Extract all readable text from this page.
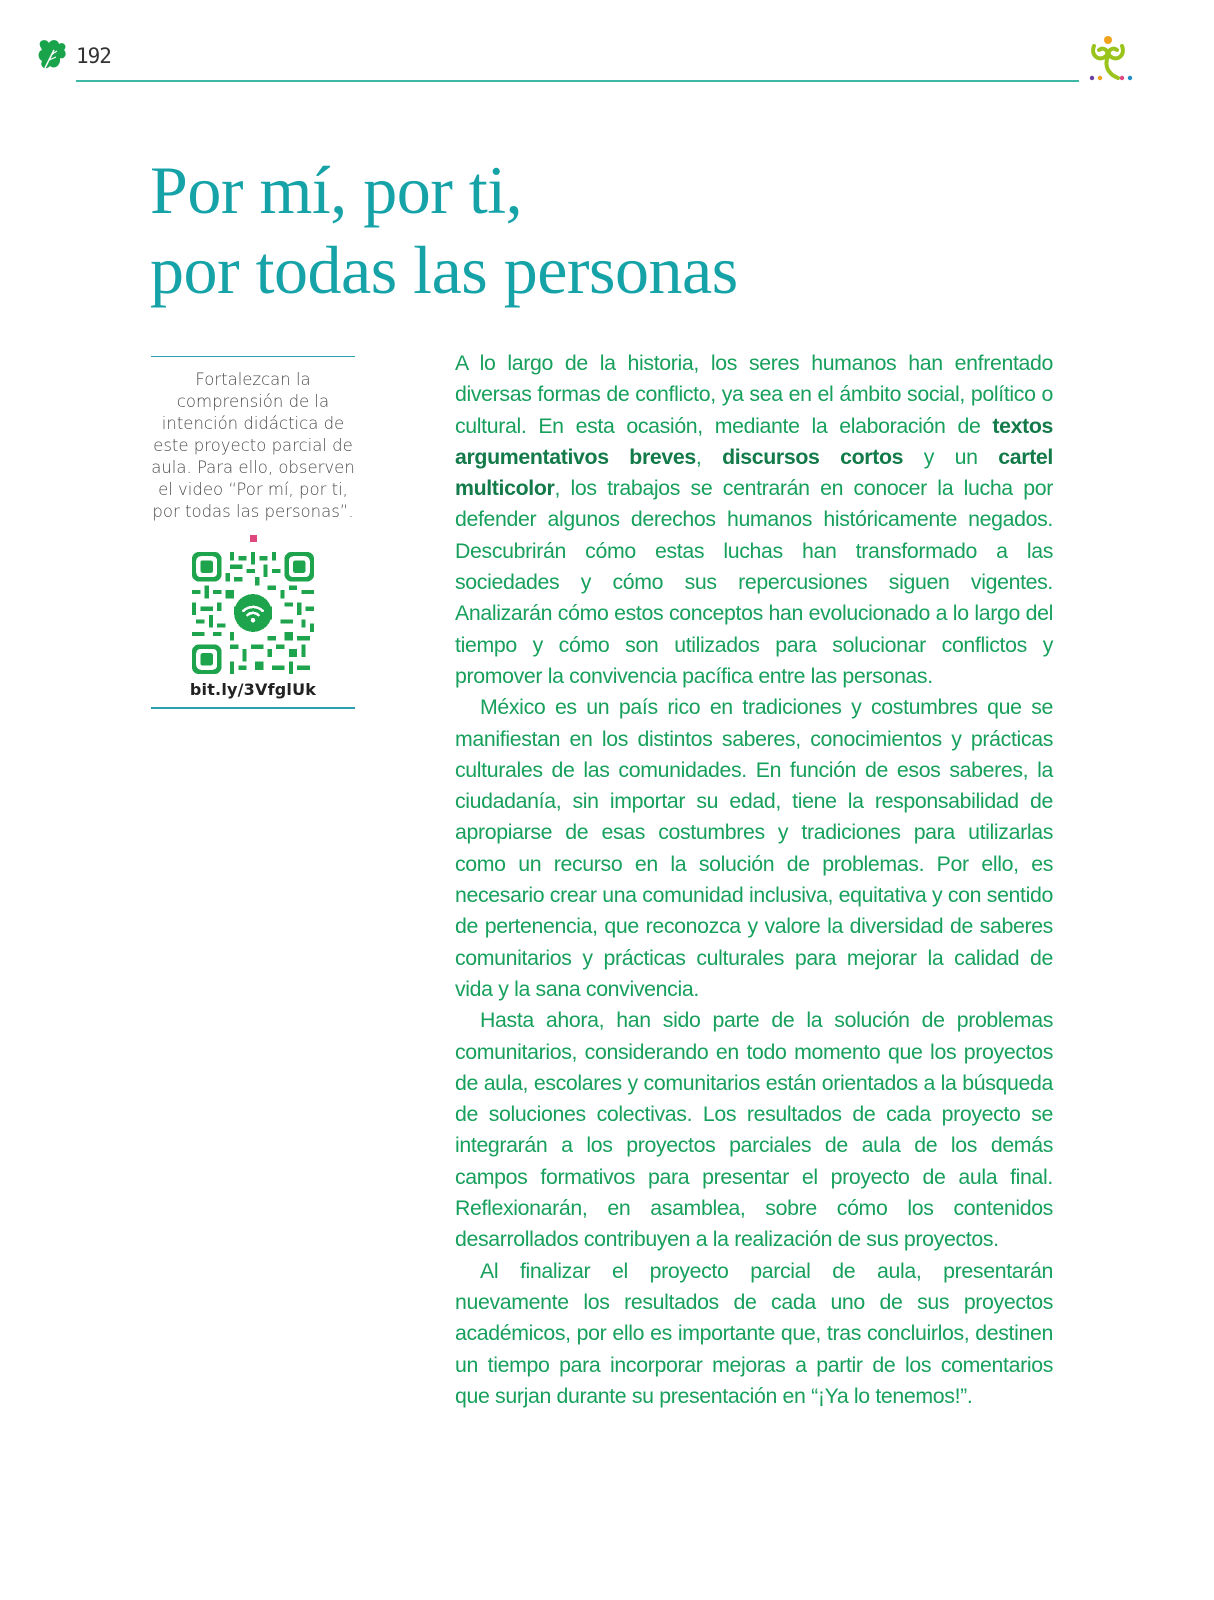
192
Por mí, por ti,
por todas las personas

Fortalezcan la comprensión de la intención didáctica de este proyecto parcial de aula. Para ello, observen el video “Por mí, por ti, por todas las personas”.

bit.ly/3VfglUk

A lo largo de la historia, los seres humanos han enfrentado diversas formas de conflicto, ya sea en el ámbito social, político o cultural. En esta ocasión, mediante la elaboración de textos argumentativos breves, discursos cortos y un cartel multicolor, los trabajos se centrarán en conocer la lucha por defender algunos derechos humanos históricamente negados. Descubrirán cómo estas luchas han transformado a las sociedades y cómo sus repercusiones siguen vigentes. Analizarán cómo estos conceptos han evolucionado a lo largo del tiempo y cómo son utilizados para solucionar conflictos y promover la convivencia pacífica entre las personas.

México es un país rico en tradiciones y costumbres que se manifiestan en los distintos saberes, conocimientos y prácticas culturales de las comunidades. En función de esos saberes, la ciudadanía, sin importar su edad, tiene la responsabilidad de apropiarse de esas costumbres y tradiciones para utilizarlas como un recurso en la solución de problemas. Por ello, es necesario crear una comunidad inclusiva, equitativa y con sentido de pertenencia, que reconozca y valore la diversidad de saberes comunitarios y prácticas culturales para mejorar la calidad de vida y la sana convivencia.

Hasta ahora, han sido parte de la solución de problemas comunitarios, considerando en todo momento que los proyectos de aula, escolares y comunitarios están orientados a la búsqueda de soluciones colectivas. Los resultados de cada proyecto se integrarán a los proyectos parciales de aula de los demás campos formativos para presentar el proyecto de aula final. Reflexionarán, en asamblea, sobre cómo los contenidos desarrollados contribuyen a la realización de sus proyectos.

Al finalizar el proyecto parcial de aula, presentarán nuevamente los resultados de cada uno de sus proyectos académicos, por ello es importante que, tras concluirlos, destinen un tiempo para incorporar mejoras a partir de los comentarios que surjan durante su presentación en “¡Ya lo tenemos!”.
